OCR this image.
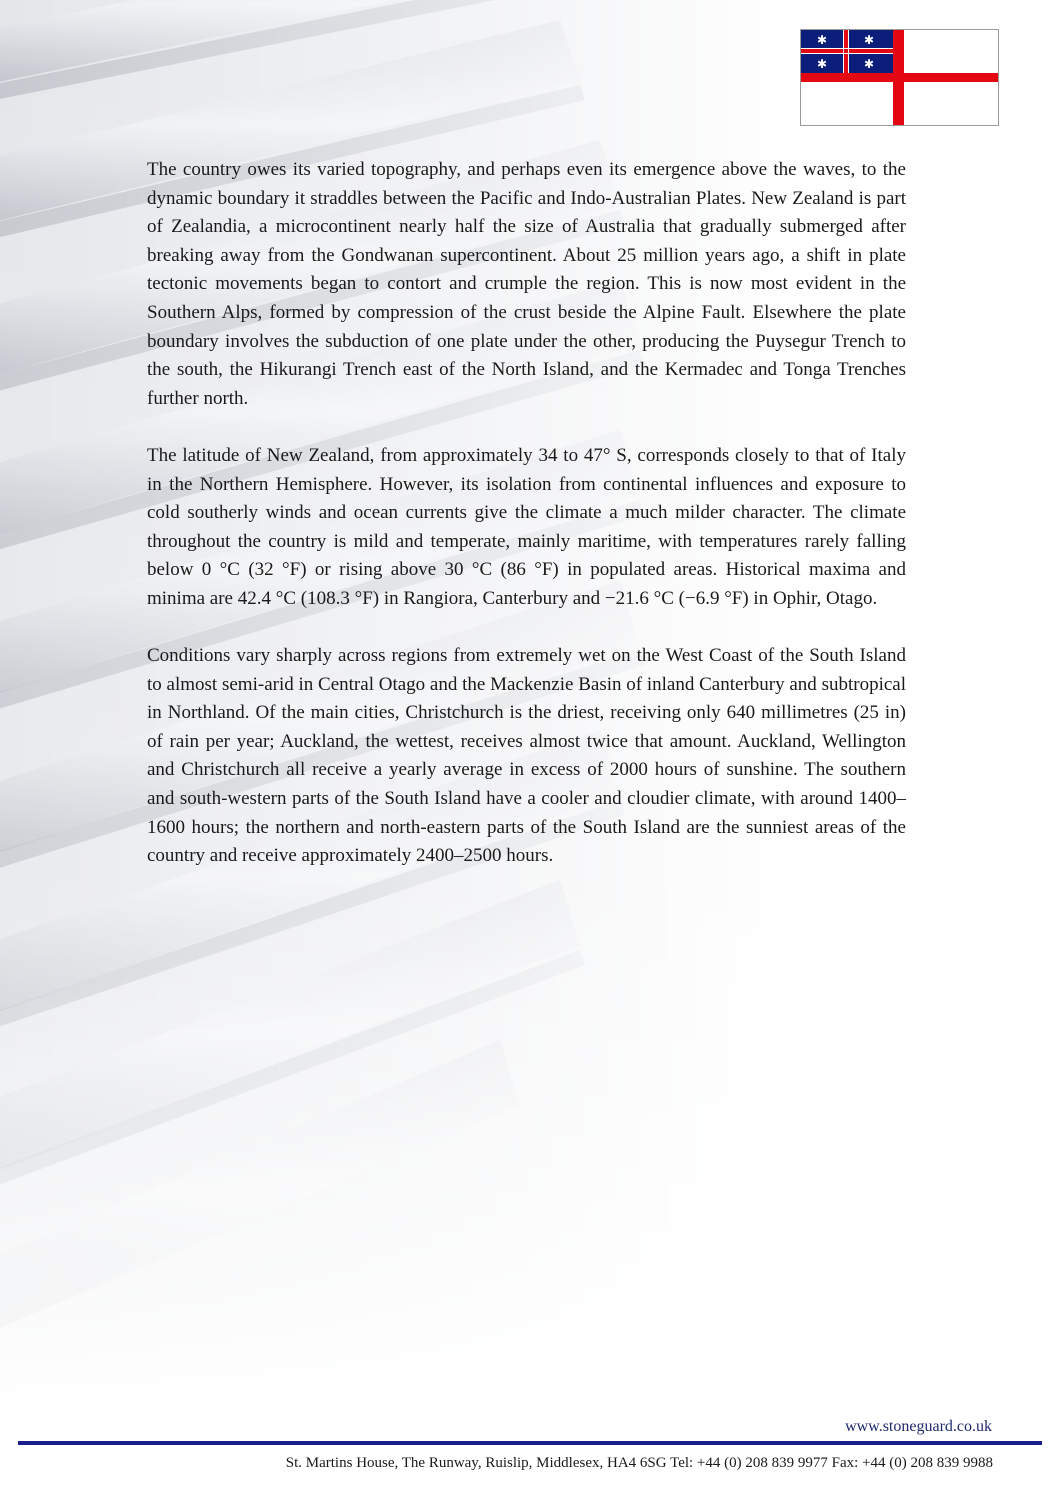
✱	✱
✱	✱

The country owes its varied topography, and perhaps even its emergence above the waves, to the dynamic boundary it straddles between the Pacific and Indo-Australian Plates. New Zealand is part of Zealandia, a microcontinent nearly half the size of Australia that gradually submerged after breaking away from the Gondwanan supercontinent. About 25 million years ago, a shift in plate tectonic movements began to contort and crumple the region. This is now most evident in the Southern Alps, formed by compression of the crust beside the Alpine Fault. Elsewhere the plate boundary involves the subduction of one plate under the other, producing the Puysegur Trench to the south, the Hikurangi Trench east of the North Island, and the Kermadec and Tonga Trenches further north.

The latitude of New Zealand, from approximately 34 to 47° S, corresponds closely to that of Italy in the Northern Hemisphere. However, its isolation from continental influences and exposure to cold southerly winds and ocean currents give the climate a much milder character. The climate throughout the country is mild and temperate, mainly maritime, with temperatures rarely falling below 0 °C (32 °F) or rising above 30 °C (86 °F) in populated areas. Historical maxima and minima are 42.4 °C (108.3 °F) in Rangiora, Canterbury and −21.6 °C (−6.9 °F) in Ophir, Otago.

Conditions vary sharply across regions from extremely wet on the West Coast of the South Island to almost semi-arid in Central Otago and the Mackenzie Basin of inland Canterbury and subtropical in Northland. Of the main cities, Christchurch is the driest, receiving only 640 millimetres (25 in) of rain per year; Auckland, the wettest, receives almost twice that amount. Auckland, Wellington and Christchurch all receive a yearly average in excess of 2000 hours of sunshine. The southern and south-western parts of the South Island have a cooler and cloudier climate, with around 1400–1600 hours; the northern and north-eastern parts of the South Island are the sunniest areas of the country and receive approximately 2400–2500 hours.

www.stoneguard.co.uk
St. Martins House, The Runway, Ruislip, Middlesex, HA4 6SG Tel: +44 (0) 208 839 9977 Fax: +44 (0) 208 839 9988
